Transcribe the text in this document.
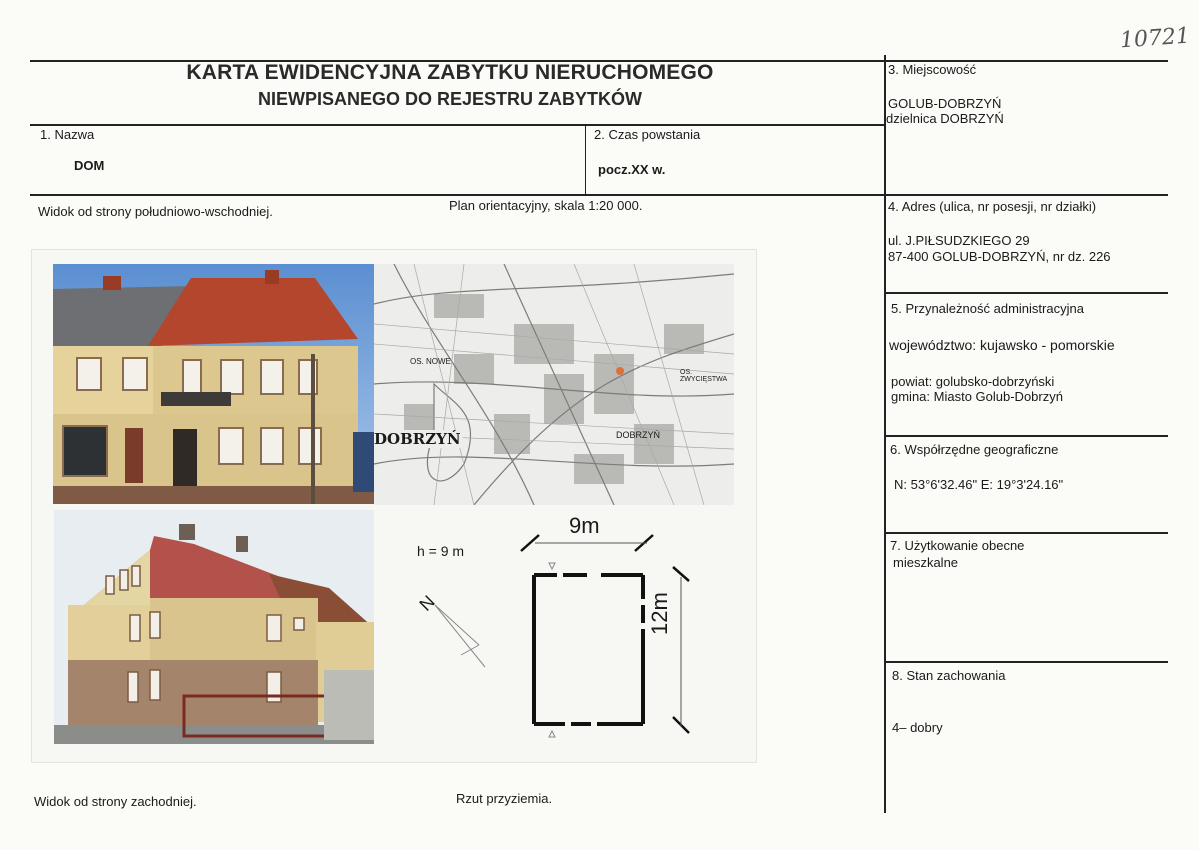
10721
KARTA EWIDENCYJNA ZABYTKU NIERUCHOMEGO
NIEWPISANEGO DO REJESTRU ZABYTKÓW
1. Nazwa
DOM
2. Czas powstania
pocz.XX w.
3. Miejscowość
GOLUB-DOBRZYŃ
dzielnica DOBRZYŃ
4. Adres (ulica, nr posesji, nr działki)
ul. J.PIŁSUDZKIEGO 29
87-400 GOLUB-DOBRZYŃ, nr dz. 226
5. Przynależność administracyjna
województwo: kujawsko - pomorskie
powiat: golubsko-dobrzyński
gmina: Miasto Golub-Dobrzyń
6. Współrzędne geograficzne
N: 53°6'32.46" E: 19°3'24.16"
7. Użytkowanie obecne
mieszkalne
8. Stan zachowania
4– dobry
Widok od strony południowo-wschodniej.	Plan orientacyjny, skala 1:20 000.
Widok od strony zachodniej.	Rzut przyziemia.
DOBRZYŃ	DOBRZYŃ
OS. NOWE
OS. ZWYCIĘSTWA
h = 9 m
9m
12m
N
